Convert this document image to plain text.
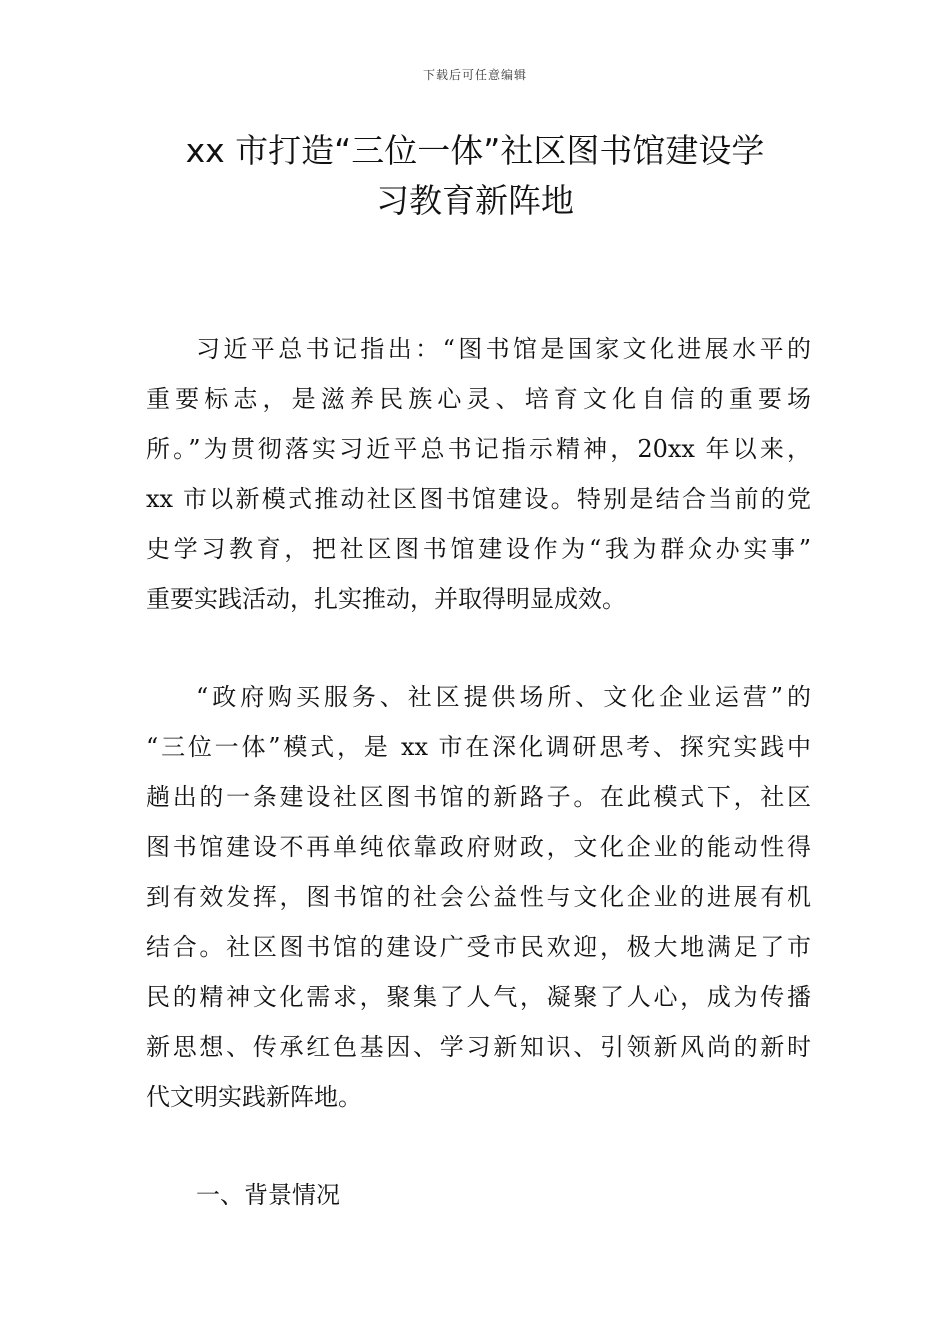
下载后可任意编辑
xx 市打造“三位一体”社区图书馆建设学
习教育新阵地

习近平总书记指出：“图书馆是国家文化进展水平的
重要标志，是滋养民族心灵、培育文化自信的重要场
所。”为贯彻落实习近平总书记指示精神，20xx 年以来，
xx 市以新模式推动社区图书馆建设。特别是结合当前的党
史学习教育，把社区图书馆建设作为“我为群众办实事”
重要实践活动，扎实推动，并取得明显成效。

“政府购买服务、社区提供场所、文化企业运营”的
“三位一体”模式，是 xx 市在深化调研思考、探究实践中
趟出的一条建设社区图书馆的新路子。在此模式下，社区
图书馆建设不再单纯依靠政府财政，文化企业的能动性得
到有效发挥，图书馆的社会公益性与文化企业的进展有机
结合。社区图书馆的建设广受市民欢迎，极大地满足了市
民的精神文化需求，聚集了人气，凝聚了人心，成为传播
新思想、传承红色基因、学习新知识、引领新风尚的新时
代文明实践新阵地。

一、背景情况
